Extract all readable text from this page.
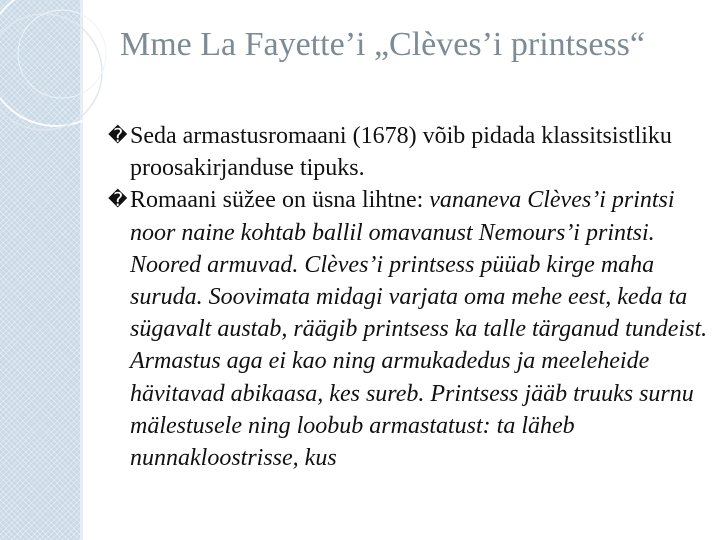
Mme La Fayette’i „Clèves’i printsess“

� Seda armastusromaani (1678) võib pidada klassitsistliku proosakirjanduse tipuks.

� Romaani süžee on üsna lihtne: vananeva Clèves’i printsi noor naine kohtab ballil omavanust Nemours’i printsi. Noored armuvad. Clèves’i printsess püüab kirge maha suruda. Soovimata midagi varjata oma mehe eest, keda ta sügavalt austab, räägib printsess ka talle tärganud tundeist. Armastus aga ei kao ning armukadedus ja meeleheide hävitavad abikaasa, kes sureb. Printsess jääb truuks surnu mälestusele ning loobub armastatust: ta läheb nunnakloostrisse, kus
